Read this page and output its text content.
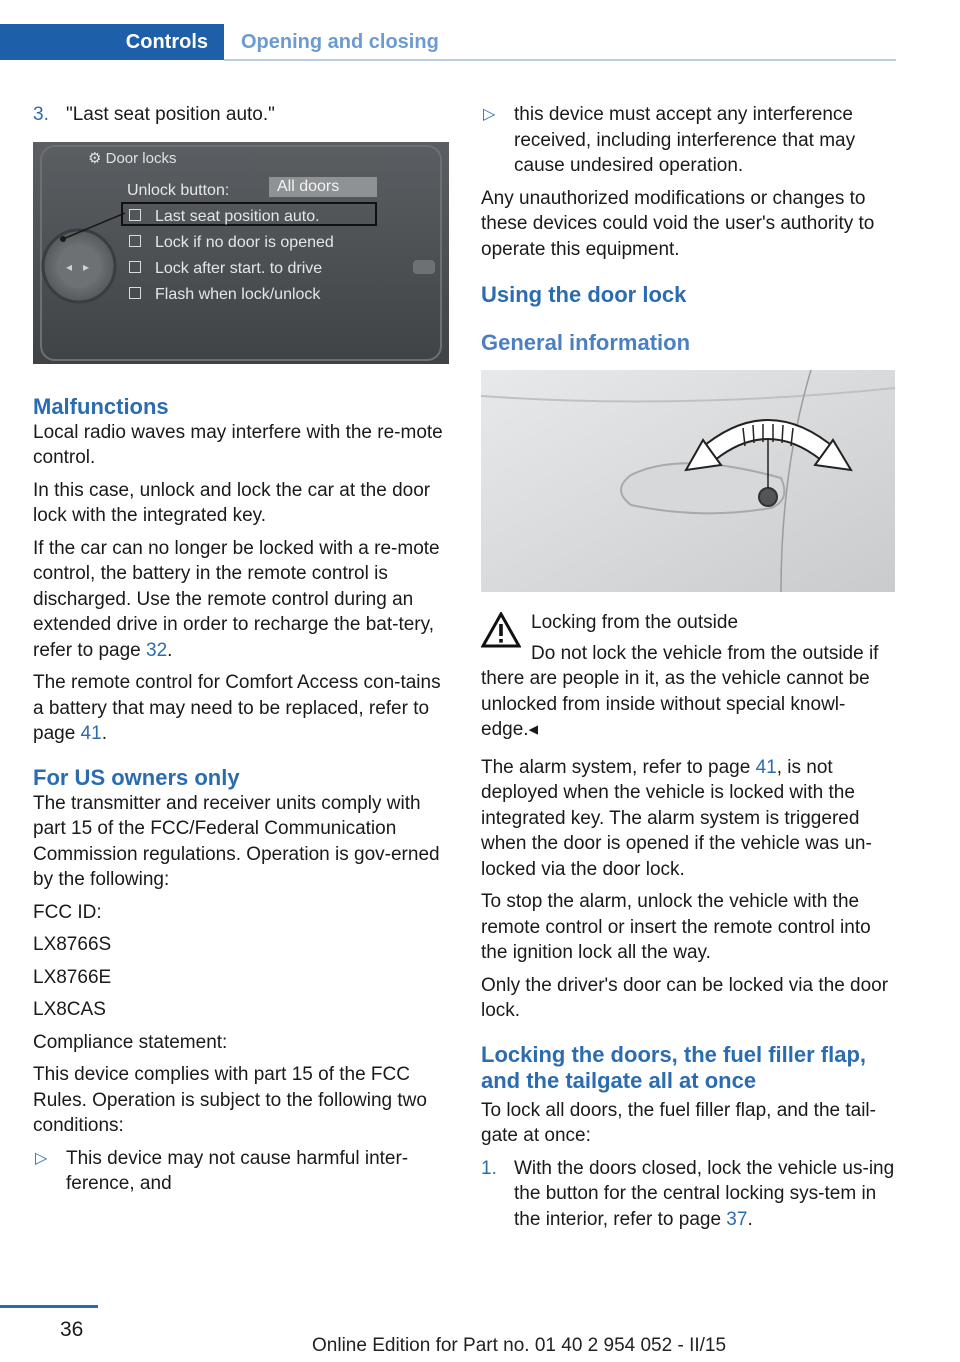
Controls	Opening and closing
3. "Last seat position auto."
◂ ▸
⚙ Door locks
Unlock button:	All doors
Last seat position auto.
Lock if no door is opened
Lock after start. to drive
Flash when lock/unlock
Malfunctions

Local radio waves may interfere with the re-mote control.

In this case, unlock and lock the car at the door lock with the integrated key.

If the car can no longer be locked with a re-mote control, the battery in the remote control is discharged. Use the remote control during an extended drive in order to recharge the bat-tery, refer to page 32.

The remote control for Comfort Access con-tains a battery that may need to be replaced, refer to page 41.

For US owners only

The transmitter and receiver units comply with part 15 of the FCC/Federal Communication Commission regulations. Operation is gov-erned by the following:

FCC ID:

LX8766S

LX8766E

LX8CAS

Compliance statement:

This device complies with part 15 of the FCC Rules. Operation is subject to the following two conditions:

▷ This device may not cause harmful inter-ference, and
▷ this device must accept any interference received, including interference that may cause undesired operation.

Any unauthorized modifications or changes to these devices could void the user's authority to operate this equipment.

Using the door lock
General information

Locking from the outside

Do not lock the vehicle from the outside if there are people in it, as the vehicle cannot be unlocked from inside without special knowl-edge.◂

The alarm system, refer to page 41, is not deployed when the vehicle is locked with the integrated key. The alarm system is triggered when the door is opened if the vehicle was un-locked via the door lock.

To stop the alarm, unlock the vehicle with the remote control or insert the remote control into the ignition lock all the way.

Only the driver's door can be locked via the door lock.

Locking the doors, the fuel filler flap, and the tailgate all at once

To lock all doors, the fuel filler flap, and the tail-gate at once:

1. With the doors closed, lock the vehicle us-ing the button for the central locking sys-tem in the interior, refer to page 37.
36
Online Edition for Part no. 01 40 2 954 052 - II/15
